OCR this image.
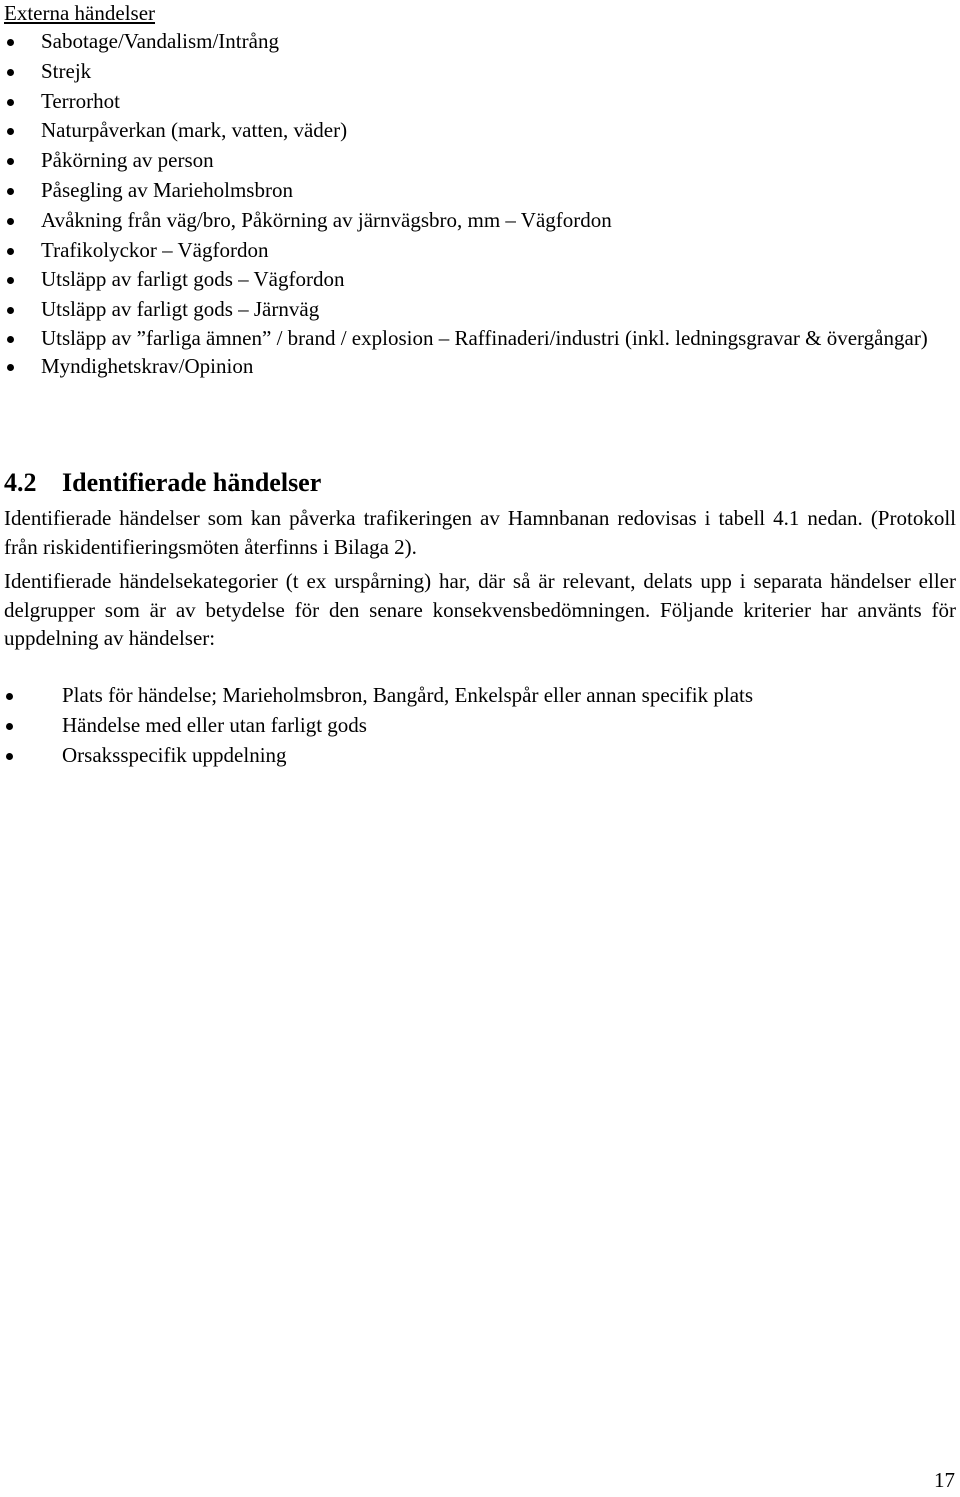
Externa händelser

Sabotage/Vandalism/Intrång
Strejk
Terrorhot
Naturpåverkan (mark, vatten, väder)
Påkörning av person
Påsegling av Marieholmsbron
Avåkning från väg/bro, Påkörning av järnvägsbro, mm – Vägfordon
Trafikolyckor – Vägfordon
Utsläpp av farligt gods – Vägfordon
Utsläpp av farligt gods – Järnväg
Utsläpp av ”farliga ämnen” / brand / explosion – Raffinaderi/industri (inkl. ledningsgravar & övergångar)
Myndighetskrav/Opinion
4.2 Identifierade händelser

Identifierade händelser som kan påverka trafikeringen av Hamnbanan redovisas i tabell 4.1 nedan. (Protokoll från riskidentifieringsmöten återfinns i Bilaga 2).

Identifierade händelsekategorier (t ex urspårning) har, där så är relevant, delats upp i separata händelser eller delgrupper som är av betydelse för den senare konsekvensbedömningen. Följande kriterier har använts för uppdelning av händelser:

Plats för händelse; Marieholmsbron, Bangård, Enkelspår eller annan specifik plats
Händelse med eller utan farligt gods
Orsaksspecifik uppdelning

17
